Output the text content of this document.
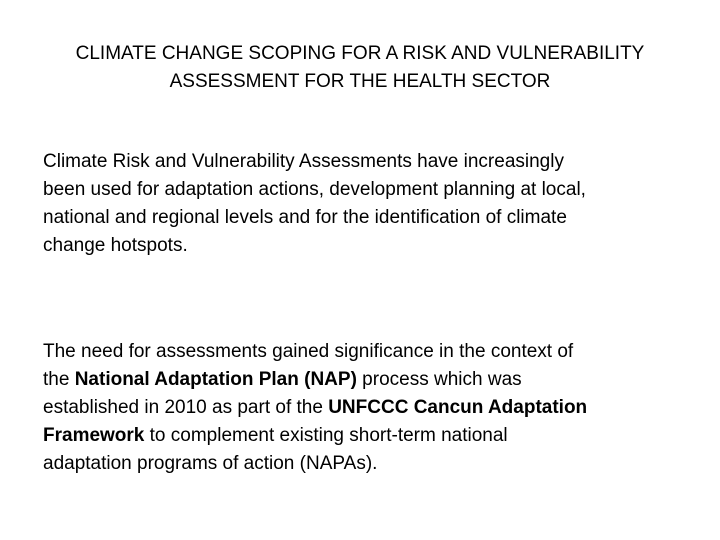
CLIMATE CHANGE SCOPING FOR A RISK AND VULNERABILITY
ASSESSMENT FOR THE HEALTH SECTOR

Climate Risk and Vulnerability Assessments have increasingly
been used for adaptation actions, development planning at local,
national and regional levels and for the identification of climate
change hotspots.

The need for assessments gained significance in the context of
the National Adaptation Plan (NAP) process which was
established in 2010 as part of the UNFCCC Cancun Adaptation
Framework to complement existing short-term national
adaptation programs of action (NAPAs).
